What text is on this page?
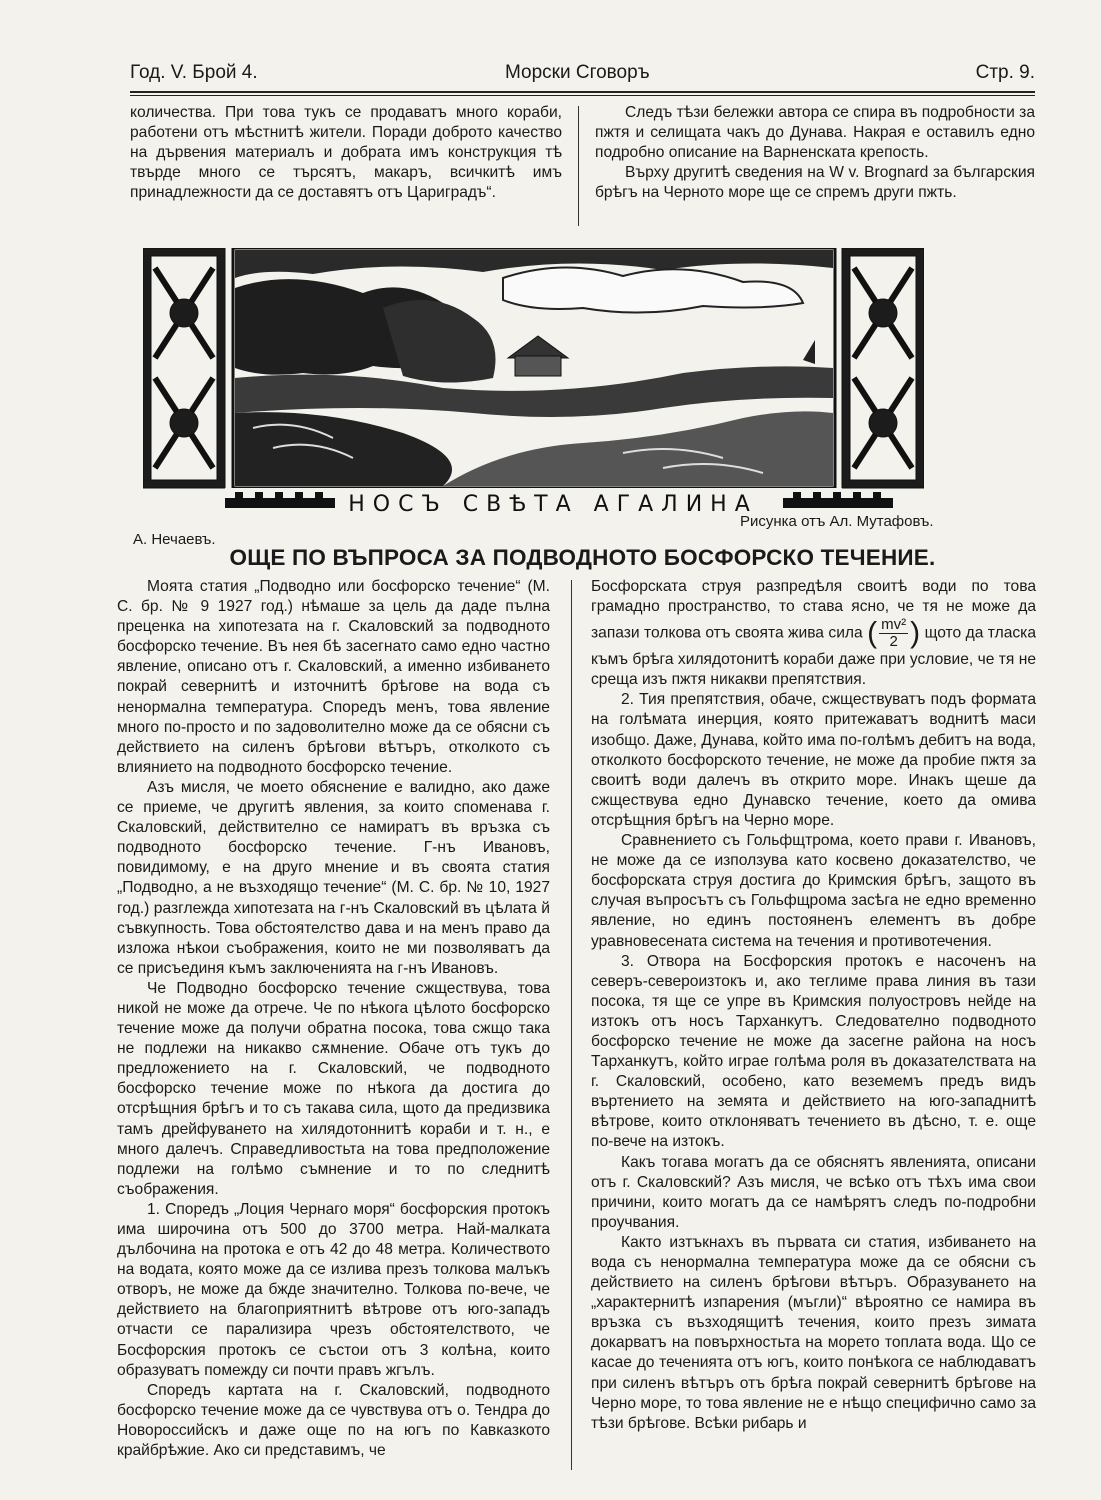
Год. V. Брой 4.	Морски Сговоръ	Стр. 9.

количества. При това тукъ се продаватъ много кораби, работени отъ мѣстнитѣ жители. Поради доброто качество на дървения материалъ и добрата имъ конструкция тѣ твърде много се търсятъ, макаръ, всичкитѣ имъ принадлежности да се доставятъ отъ Цариградъ“.

Следъ тѣзи бележки автора се спира въ подробности за пжтя и селищата чакъ до Дунава. Накрая е оставилъ едно подробно описание на Варненската крепость.

Върху другитѣ сведения на W v. Brognard за българския брѣгъ на Черното море ще се спремъ други пжть.

НОСЪ СВѢТА АГАЛИНА
А. Нечаевъ.
Рисунка отъ Ал. Мутафовъ.
ОЩЕ ПО ВЪПРОСА ЗА ПОДВОДНОТО БОСФОРСКО ТЕЧЕНИЕ.

Моята статия „Подводно или босфорско течение“ (М. С. бр. № 9 1927 год.) нѣмаше за цель да даде пълна преценка на хипотезата на г. Скаловский за подводното босфорско течение. Въ нея бѣ засегнато само едно частно явление, описано отъ г. Скаловский, а именно избиването покрай севернитѣ и източнитѣ брѣгове на вода съ ненормална температура. Споредъ менъ, това явление много по-просто и по задоволително може да се обясни съ действието на силенъ брѣгови вѣтъръ, отколкото съ влиянието на подводното босфорско течение.

Азъ мисля, че моето обяснение е валидно, ако даже се приеме, че другитѣ явления, за които споменава г. Скаловский, действително се намиратъ въ връзка съ подводното босфорско течение. Г-нъ Ивановъ, повидимому, е на друго мнение и въ своята статия „Подводно, а не възходящо течение“ (М. С. бр. № 10, 1927 год.) разглежда хипотезата на г-нъ Скаловский въ цѣлата й съвкупность. Това обстоятелство дава и на менъ право да изложа нѣкои съображения, които не ми позволяватъ да се присъединя къмъ заключенията на г-нъ Ивановъ.

Че Подводно босфорско течение сжществува, това никой не може да отрече. Че по нѣкога цѣлото босфорско течение може да получи обратна посока, това сжщо така не подлежи на никакво сѫмнение. Обаче отъ тукъ до предложението на г. Скаловский, че подводното босфорско течение може по нѣкога да достига до отсрѣщния брѣгъ и то съ такава сила, щото да предизвика тамъ дрейфуването на хилядотоннитѣ кораби и т. н., е много далечъ. Справедливостьта на това предположение подлежи на голѣмо съмнение и то по следнитѣ съображения.

1. Споредъ „Лоция Чернаго моря“ босфорския протокъ има широчина отъ 500 до 3700 метра. Най-малката дълбочина на протока е отъ 42 до 48 метра. Количеството на водата, която може да се излива презъ толкова малъкъ отворъ, не може да бжде значително. Толкова по-вече, че действието на благоприятнитѣ вѣтрове отъ юго-западъ отчасти се парализира чрезъ обстоятелството, че Босфорския протокъ се състои отъ 3 колѣна, които образуватъ помежду си почти правъ жгълъ.

Споредъ картата на г. Скаловский, подводното босфорско течение може да се чувствува отъ о. Тендра до Новороссийскъ и даже още по на югъ по Кавказкото крайбрѣжие. Ако си представимъ, че

Босфорската струя разпредѣля своитѣ води по това грамадно пространство, то става ясно, че тя не може да запази толкова отъ своята жива сила ( $\frac{\text{mv²}}{2}$ ) щото да тласка къмъ брѣга хилядотонитѣ кораби даже при условие, че тя не среща изъ пжтя никакви препятствия.

2. Тия препятствия, обаче, сжществуватъ подъ формата на голѣмата инерция, която притежаватъ воднитѣ маси изобщо. Даже, Дунава, който има по-голѣмъ дебитъ на вода, отколкото босфорското течение, не може да пробие пжтя за своитѣ води далечъ въ открито море. Инакъ щеше да сжществува едно Дунавско течение, което да омива отсрѣщния брѣгъ на Черно море.

Сравнението съ Гольфщтрома, което прави г. Ивановъ, не може да се използува като косвено доказателство, че босфорската струя достига до Кримския брѣгъ, защото въ случая въпросътъ съ Гольфщрома засѣга не едно временно явление, но единъ постояненъ елементъ въ добре уравновесената система на течения и противотечения.

3. Отвора на Босфорския протокъ е насоченъ на северъ-североизтокъ и, ако теглиме права линия въ тази посока, тя ще се упре въ Кримския полуостровъ нейде на изтокъ отъ носъ Тарханкутъ. Следователно подводното босфорско течение не може да засегне района на носъ Тарханкутъ, който играе голѣма роля въ доказателствата на г. Скаловский, особено, като веземемъ предъ видъ въртението на земята и действието на юго-западнитѣ вѣтрове, които отклоняватъ течението въ дѣсно, т. е. още по-вече на изтокъ.

Какъ тогава могатъ да се обяснятъ явленията, описани отъ г. Скаловский? Азъ мисля, че всѣко отъ тѣхъ има свои причини, които могатъ да се намѣрятъ следъ по-подробни проучвания.

Както изтъкнахъ въ първата си статия, избиването на вода съ ненормална температура може да се обясни съ действието на силенъ брѣгови вѣтъръ. Образуването на „характернитѣ изпарения (мъгли)“ вѣроятно се намира въ връзка съ възходящитѣ течения, които презъ зимата докарватъ на повърхностьта на морето топлата вода. Що се касае до теченията отъ югъ, които понѣкога се наблюдаватъ при силенъ вѣтъръ отъ брѣга покрай севернитѣ брѣгове на Черно море, то това явление не е нѣщо специфично само за тѣзи брѣгове. Всѣки рибарь и
